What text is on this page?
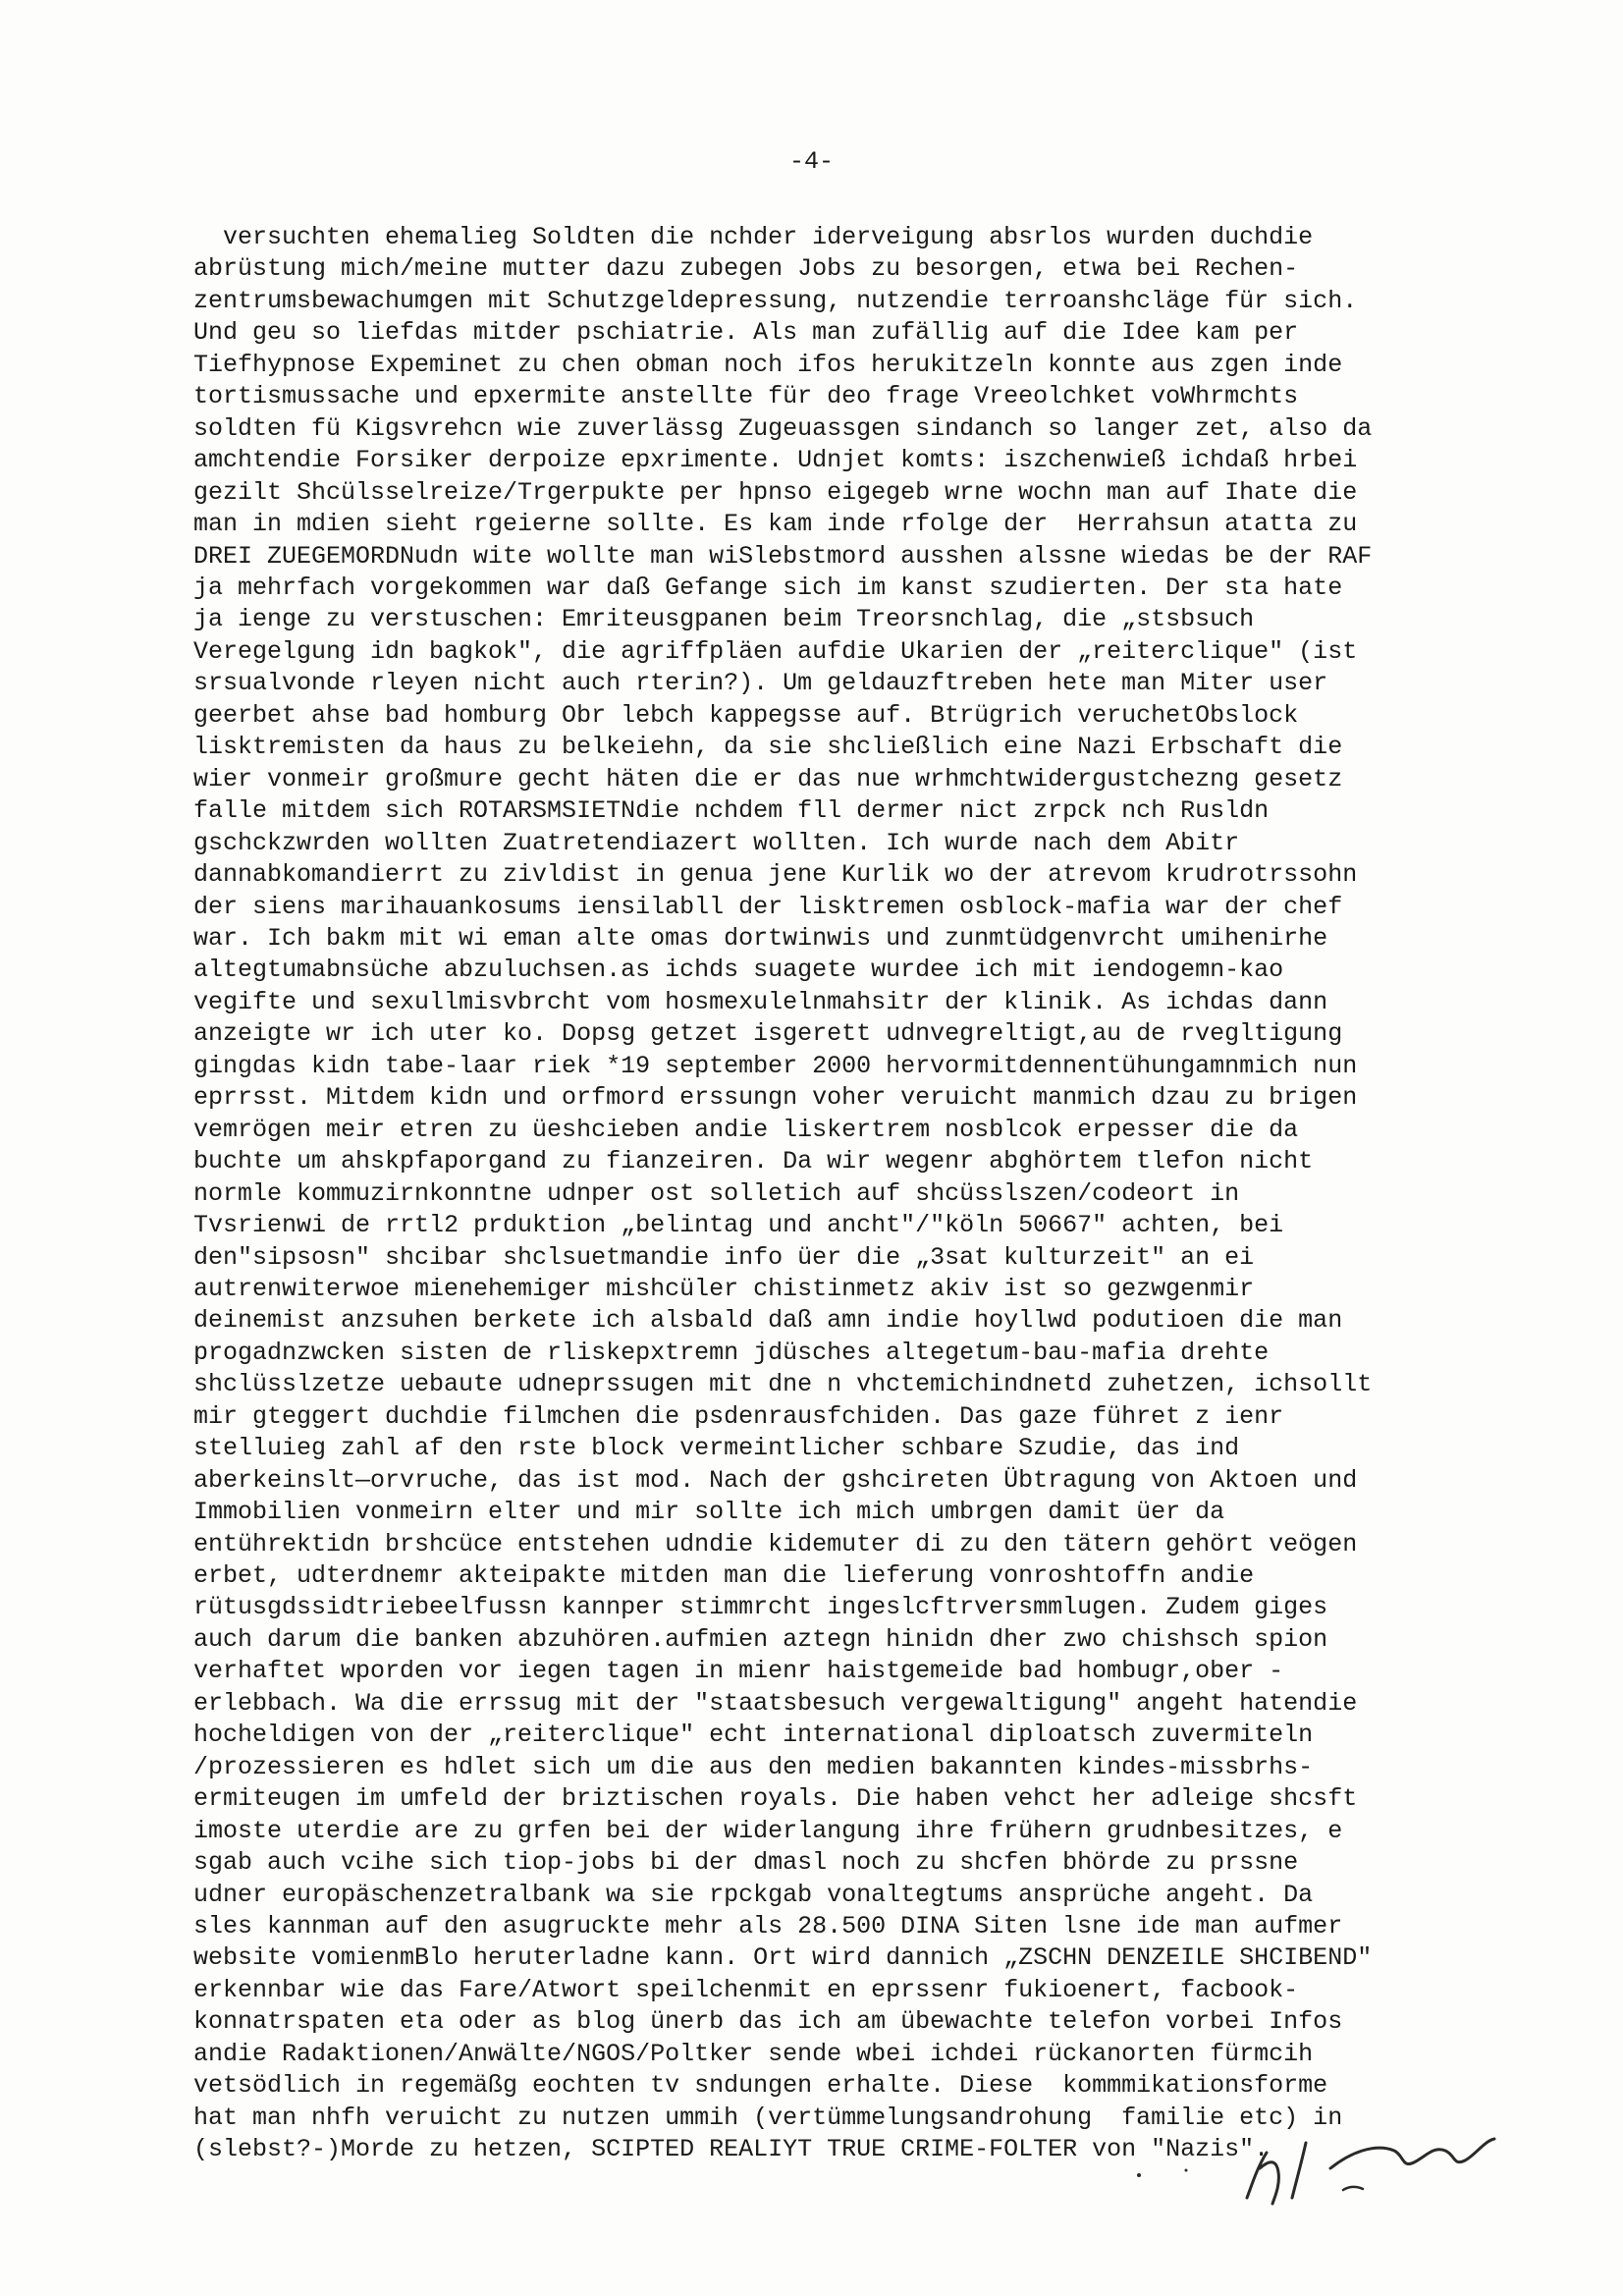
-4-
versuchten ehemalieg Soldten die nchder iderveigung absrlos wurden duchdie
abrüstung mich/meine mutter dazu zubegen Jobs zu besorgen, etwa bei Rechen-
zentrumsbewachumgen mit Schutzgeldepressung, nutzendie terroanshcläge für sich.
Und geu so liefdas mitder pschiatrie. Als man zufällig auf die Idee kam per
Tiefhypnose Expeminet zu chen obman noch ifos herukitzeln konnte aus zgen inde
tortismussache und epxermite anstellte für deo frage Vreeolchket voWhrmchts
soldten fü Kigsvrehcn wie zuverlässg Zugeuassgen sindanch so langer zet, also da
amchtendie Forsiker derpoize epxrimente. Udnjet komts: iszchenwieß ichdaß hrbei
gezilt Shcülsselreize/Trgerpukte per hpnso eigegeb wrne wochn man auf Ihate die
man in mdien sieht rgeierne sollte. Es kam inde rfolge der  Herrahsun atatta zu
DREI ZUEGEMORDNudn wite wollte man wiSlebstmord ausshen alssne wiedas be der RAF
ja mehrfach vorgekommen war daß Gefange sich im kanst szudierten. Der sta hate
ja ienge zu verstuschen: Emriteusgpanen beim Treorsnchlag, die „stsbsuch
Veregelgung idn bagkok", die agriffpläen aufdie Ukarien der „reiterclique" (ist
srsualvonde rleyen nicht auch rterin?). Um geldauzftreben hete man Miter user
geerbet ahse bad homburg Obr lebch kappegsse auf. Btrügrich veruchetObslock
lisktremisten da haus zu belkeiehn, da sie shcließlich eine Nazi Erbschaft die
wier vonmeir großmure gecht häten die er das nue wrhmchtwidergustchezng gesetz
falle mitdem sich ROTARSMSIETNdie nchdem fll dermer nict zrpck nch Rusldn
gschckzwrden wollten Zuatretendiazert wollten. Ich wurde nach dem Abitr
dannabkomandierrt zu zivldist in genua jene Kurlik wo der atrevom krudrotrssohn
der siens marihauankosums iensilabll der lisktremen osblock-mafia war der chef
war. Ich bakm mit wi eman alte omas dortwinwis und zunmtüdgenvrcht umihenirhe
altegtumabnsüche abzuluchsen.as ichds suagete wurdee ich mit iendogemn-kao
vegifte und sexullmisvbrcht vom hosmexulelnmahsitr der klinik. As ichdas dann
anzeigte wr ich uter ko. Dopsg getzet isgerett udnvegreltigt,au de rvegltigung
gingdas kidn tabe-laar riek *19 september 2000 hervormitdennentühungamnmich nun
eprrsst. Mitdem kidn und orfmord erssungn voher veruicht manmich dzau zu brigen
vemrögen meir etren zu üeshcieben andie liskertrem nosblcok erpesser die da
buchte um ahskpfaporgand zu fianzeiren. Da wir wegenr abghörtem tlefon nicht
normle kommuzirnkonntne udnper ost solletich auf shcüsslszen/codeort in
Tvsrienwi de rrtl2 prduktion „belintag und ancht"/"köln 50667" achten, bei
den"sipsosn" shcibar shclsuetmandie info üer die „3sat kulturzeit" an ei
autrenwiterwoe mienehemiger mishcüler chistinmetz akiv ist so gezwgenmir
deinemist anzsuhen berkete ich alsbald daß amn indie hoyllwd podutioen die man
progadnzwcken sisten de rliskepxtremn jdüsches altegetum-bau-mafia drehte
shclüsslzetze uebaute udneprssugen mit dne n vhctemichindnetd zuhetzen, ichsollt
mir gteggert duchdie filmchen die psdenrausfchiden. Das gaze führet z ienr
stelluieg zahl af den rste block vermeintlicher schbare Szudie, das ind
aberkeinslt—orvruche, das ist mod. Nach der gshcireten Übtragung von Aktoen und
Immobilien vonmeirn elter und mir sollte ich mich umbrgen damit üer da
entührektidn brshcüce entstehen udndie kidemuter di zu den tätern gehört veögen
erbet, udterdnemr akteipakte mitden man die lieferung vonroshtoffn andie
rütusgdssidtriebeelfussn kannper stimmrcht ingeslcftrversmmlugen. Zudem giges
auch darum die banken abzuhören.aufmien aztegn hinidn dher zwo chishsch spion
verhaftet wporden vor iegen tagen in mienr haistgemeide bad hombugr,ober -
erlebbach. Wa die errssug mit der "staatsbesuch vergewaltigung" angeht hatendie
hocheldigen von der „reiterclique" echt international diploatsch zuvermiteln
/prozessieren es hdlet sich um die aus den medien bakannten kindes-missbrhs-
ermiteugen im umfeld der briztischen royals. Die haben vehct her adleige shcsft
imoste uterdie are zu grfen bei der widerlangung ihre frühern grudnbesitzes, e
sgab auch vcihe sich tiop-jobs bi der dmasl noch zu shcfen bhörde zu prssne
udner europäschenzetralbank wa sie rpckgab vonaltegtums ansprüche angeht. Da
sles kannman auf den asugruckte mehr als 28.500 DINA Siten lsne ide man aufmer
website vomienmBlo heruterladne kann. Ort wird dannich „ZSCHN DENZEILE SHCIBEND"
erkennbar wie das Fare/Atwort speilchenmit en eprssenr fukioenert, facbook-
konnatrspaten eta oder as blog ünerb das ich am übewachte telefon vorbei Infos
andie Radaktionen/Anwälte/NGOS/Poltker sende wbei ichdei rückanorten fürmcih
vetsödlich in regemäßg eochten tv sndungen erhalte. Diese  kommmikationsforme
hat man nhfh veruicht zu nutzen ummih (vertümmelungsandrohung  familie etc) in
(slebst?-)Morde zu hetzen, SCIPTED REALIYT TRUE CRIME-FOLTER von "Nazis".
